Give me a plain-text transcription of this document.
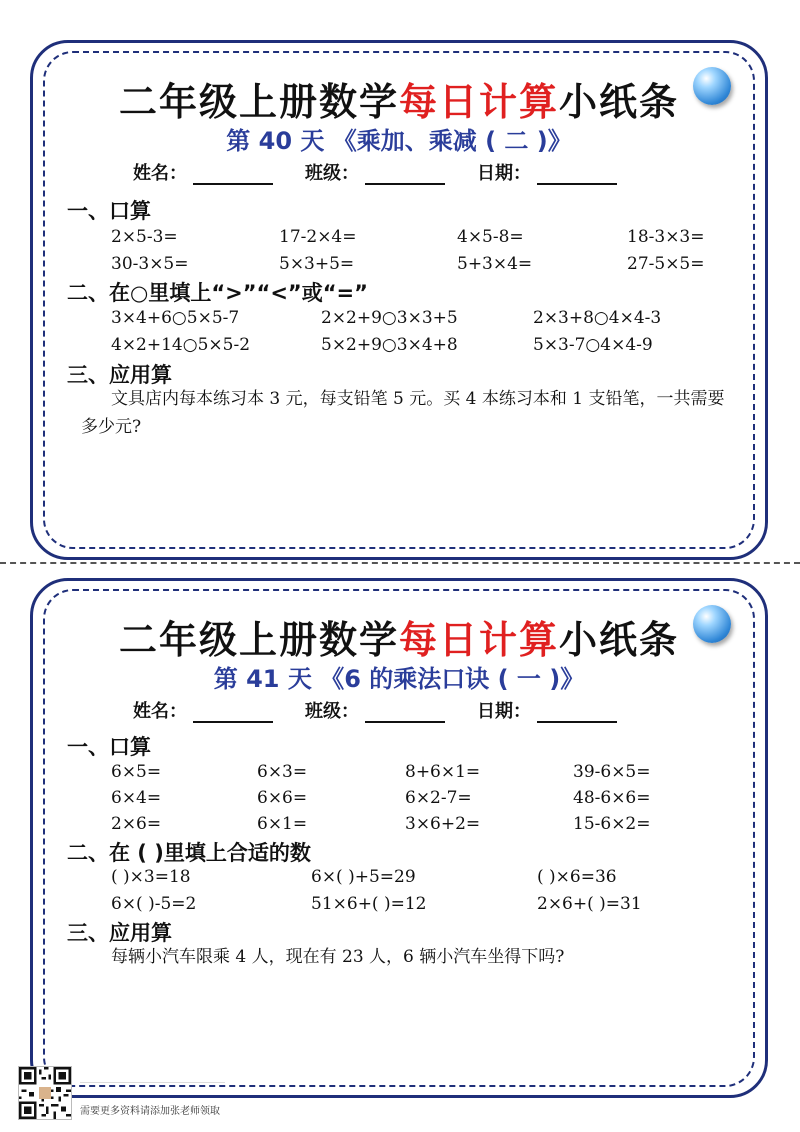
二年级上册数学每日计算小纸条
第 40 天 《乘加、乘减 ( 二 )》
姓名：	班级：	日期：
一、口算
2×5-3=	17-2×4=	4×5-8=	18-3×3=
30-3×5=	5×3+5=	5+3×4=	27-5×5=
二、在○里填上“>”“<”或“=”
3×4+6○5×5-7	2×2+9○3×3+5	2×3+8○4×4-3
4×2+14○5×5-2	5×2+9○3×4+8	5×3-7○4×4-9
三、应用算
文具店内每本练习本 3 元，每支铅笔 5 元。买 4 本练习本和 1 支铅笔，一共需要多少元?
二年级上册数学每日计算小纸条
第 41 天 《6 的乘法口诀 ( 一 )》
姓名：	班级：	日期：
一、口算
6×5=	6×3=	8+6×1=	39-6×5=
6×4=	6×6=	6×2-7=	48-6×6=
2×6=	6×1=	3×6+2=	15-6×2=
二、在 ( )里填上合适的数
( )×3=18	6×( )+5=29	( )×6=36
6×( )-5=2	51×6+( )=12	2×6+( )=31
三、应用算
每辆小汽车限乘 4 人，现在有 23 人，6 辆小汽车坐得下吗?
需要更多资料请添加张老师领取
